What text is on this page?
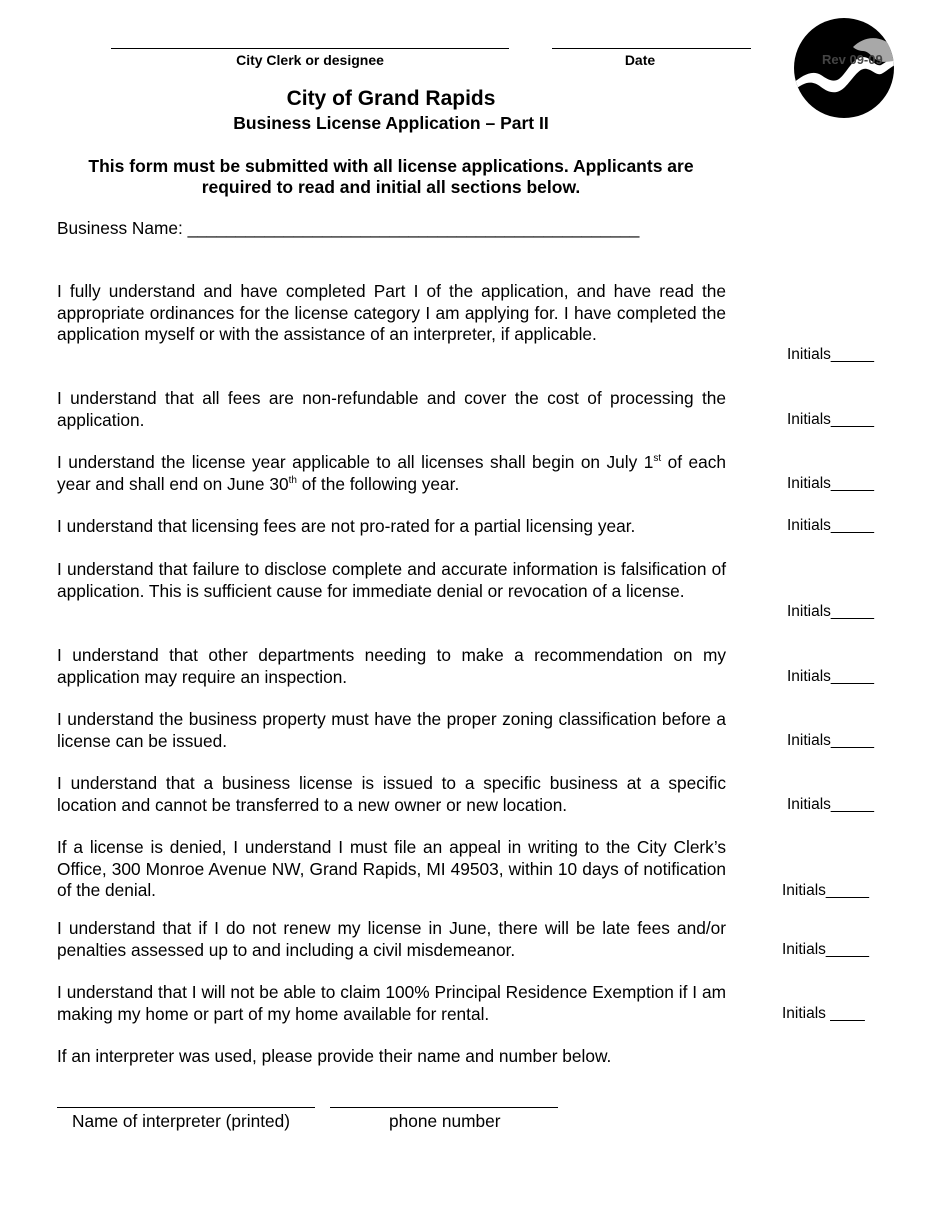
City Clerk or designee	Date	Rev 09-09
City of Grand Rapids
Business License Application – Part II
This form must be submitted with all license applications. Applicants are
required to read and initial all sections below.
Business Name: _______________________________________________
I fully understand and have completed Part I of the application, and have read the appropriate ordinances for the license category I am applying for. I have completed the application myself or with the assistance of an interpreter, if applicable.
Initials_____
I understand that all fees are non-refundable and cover the cost of processing the application.	Initials_____
I understand the license year applicable to all licenses shall begin on July 1st of each year and shall end on June 30th of the following year.	Initials_____
I understand that licensing fees are not pro-rated for a partial licensing year.	Initials_____
I understand that failure to disclose complete and accurate information is falsification of application. This is sufficient cause for immediate denial or revocation of a license.
Initials_____
I understand that other departments needing to make a recommendation on my application may require an inspection.	Initials_____
I understand the business property must have the proper zoning classification before a license can be issued.	Initials_____
I understand that a business license is issued to a specific business at a specific location and cannot be transferred to a new owner or new location.	Initials_____
If a license is denied, I understand I must file an appeal in writing to the City Clerk’s Office, 300 Monroe Avenue NW, Grand Rapids, MI 49503, within 10 days of notification of the denial.	Initials_____
I understand that if I do not renew my license in June, there will be late fees and/or penalties assessed up to and including a civil misdemeanor.	Initials_____
I understand that I will not be able to claim 100% Principal Residence Exemption if I am making my home or part of my home available for rental.	Initials ____
If an interpreter was used, please provide their name and number below.
Name of interpreter (printed)	phone number
